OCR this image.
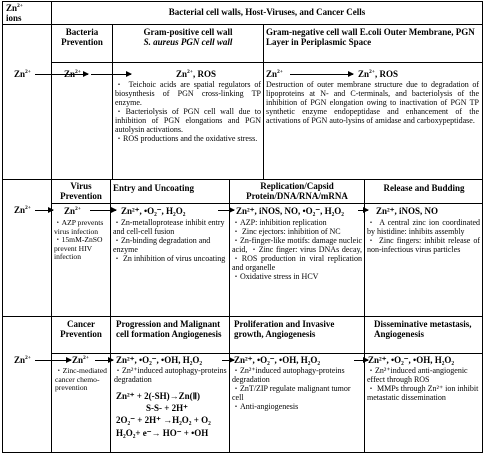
$Zn^{2+}$
ions
Bacterial cell walls, Host-Viruses, and Cancer Cells
$Zn^{2+}$
$Zn^{2+}$
$Zn^{2+}$
Bacteria Prevention
$Zn^{2+}$
Gram-positive cell wall
S. aureus PGN cell wall
$Zn^{2+}$, ROS
・ Teichoic acids are spatial regulators of biosynthesis of PGN cross-linking TP enzyme.
・Bacteriolysis of PGN cell wall due to inhibition of PGN elongations and PGN autolysin activations.
・ROS productions and the oxidative stress.
$Zn^{2+}$
Gram-negative cell wall E.coli Outer Membrane, PGN Layer in Periplasmic Space
$Zn^{2+}$, ROS
Destruction of outer membrane structure due to degradation of lipoproteins at N- and C-terminals, and bacteriolysis of the inhibition of PGN elongation owing to inactivation of PGN TP synthetic enzyme endopeptidase and enhancement of the activations of PGN auto-lysins of amidase and carboxypeptidase.
Virus Prevention
$Zn^{2+}$
・AZP prevents virus infection
・15mM-ZnSO
prevent HIV infection
Entry and Uncoating
Zn²⁺, •O₂⁻, H₂O₂
・Zn-metalloprotease inhibit entry and cell-cell fusion
・Zn-binding degradation and enzyme
・ Zn inhibition of virus uncoating
Replication/Capsid Protein/DNA/RNA/mRNA
Zn²⁺, iNOS, NO, •O₂⁻, H₂O₂
・AZP: inhibition replication
・ Zinc ejectors: inhibition of NC
・Zn-finger-like motifs: damage nucleic acid, ・Zinc finger: virus DNAs decay, ・ROS production in viral replication and organelle
・Oxidative stress in HCV
Release and Budding
Zn²⁺, iNOS, NO
・ A central zinc ion coordinated by histidine: inhibits assembly
・ Zinc fingers: inhibit release of non-infectious virus particles
Cancer Prevention
$Zn^{2+}$
・Zinc-mediated cancer chemo-prevention
Progression and Malignant cell formation Angiogenesis
Zn²⁺, •O₂⁻, •OH, H₂O₂
・Zn²⁺induced autophagy-proteins degradation
Zn²⁺ + 2(-SH)→Zn(Ⅱ)
S-S- + 2H⁺
2O₂⁻ + 2H⁺ →H₂O₂ + O₂
H₂O₂+ e⁻→ HO⁻ + •OH
Proliferation and Invasive growth, Angiogenesis
Zn²⁺, •O₂⁻, •OH, H₂O₂
・Zn²⁺induced autophagy-proteins degradation
・ZnT/ZIP regulate malignant tumor cell
・Anti-angiogenesis
Disseminative metastasis, Angiogenesis
Zn²⁺, •O₂⁻, •OH, H₂O₂
・Zn²⁺induced anti-angiogenic effect through ROS
・ MMPs through Zn²⁺ ion inhibit metastatic dissemination
